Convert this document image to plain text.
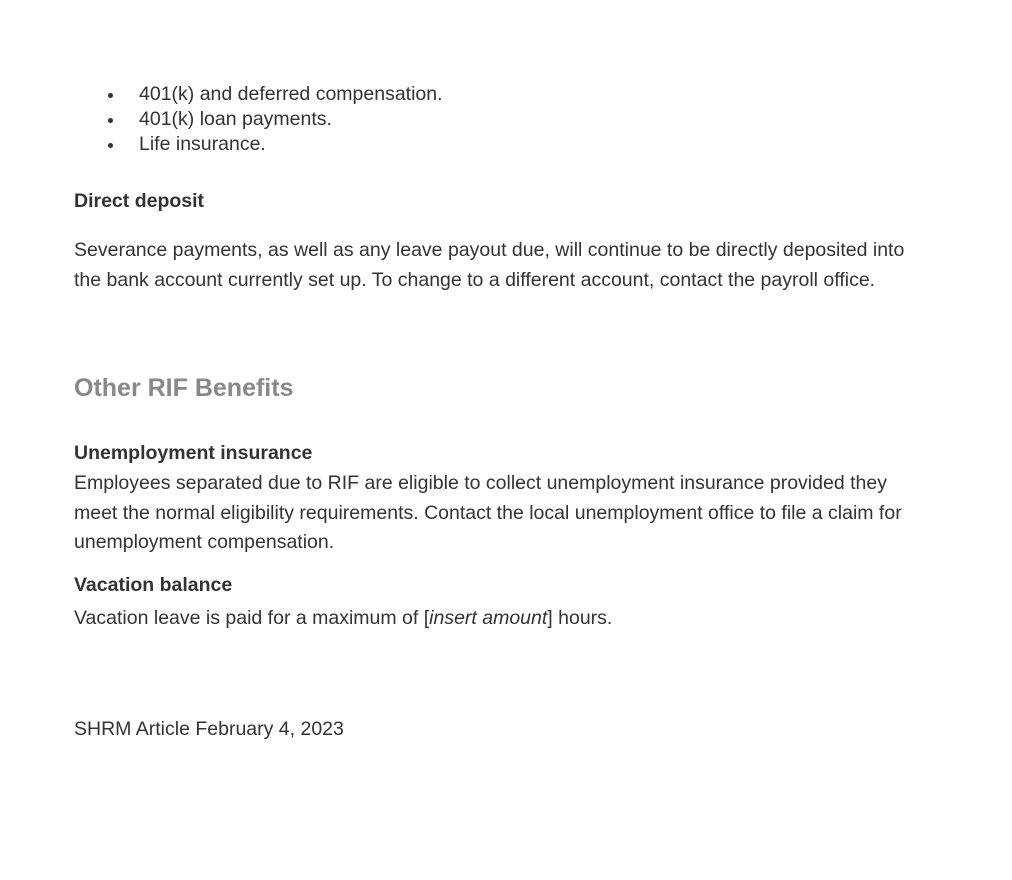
401(k) and deferred compensation.
401(k) loan payments.
Life insurance.
Direct deposit
Severance payments, as well as any leave payout due, will continue to be directly deposited into the bank account currently set up. To change to a different account, contact the payroll office.
Other RIF Benefits
Unemployment insurance
Employees separated due to RIF are eligible to collect unemployment insurance provided they meet the normal eligibility requirements. Contact the local unemployment office to file a claim for unemployment compensation.
Vacation balance
Vacation leave is paid for a maximum of [insert amount] hours.
SHRM Article February 4, 2023
